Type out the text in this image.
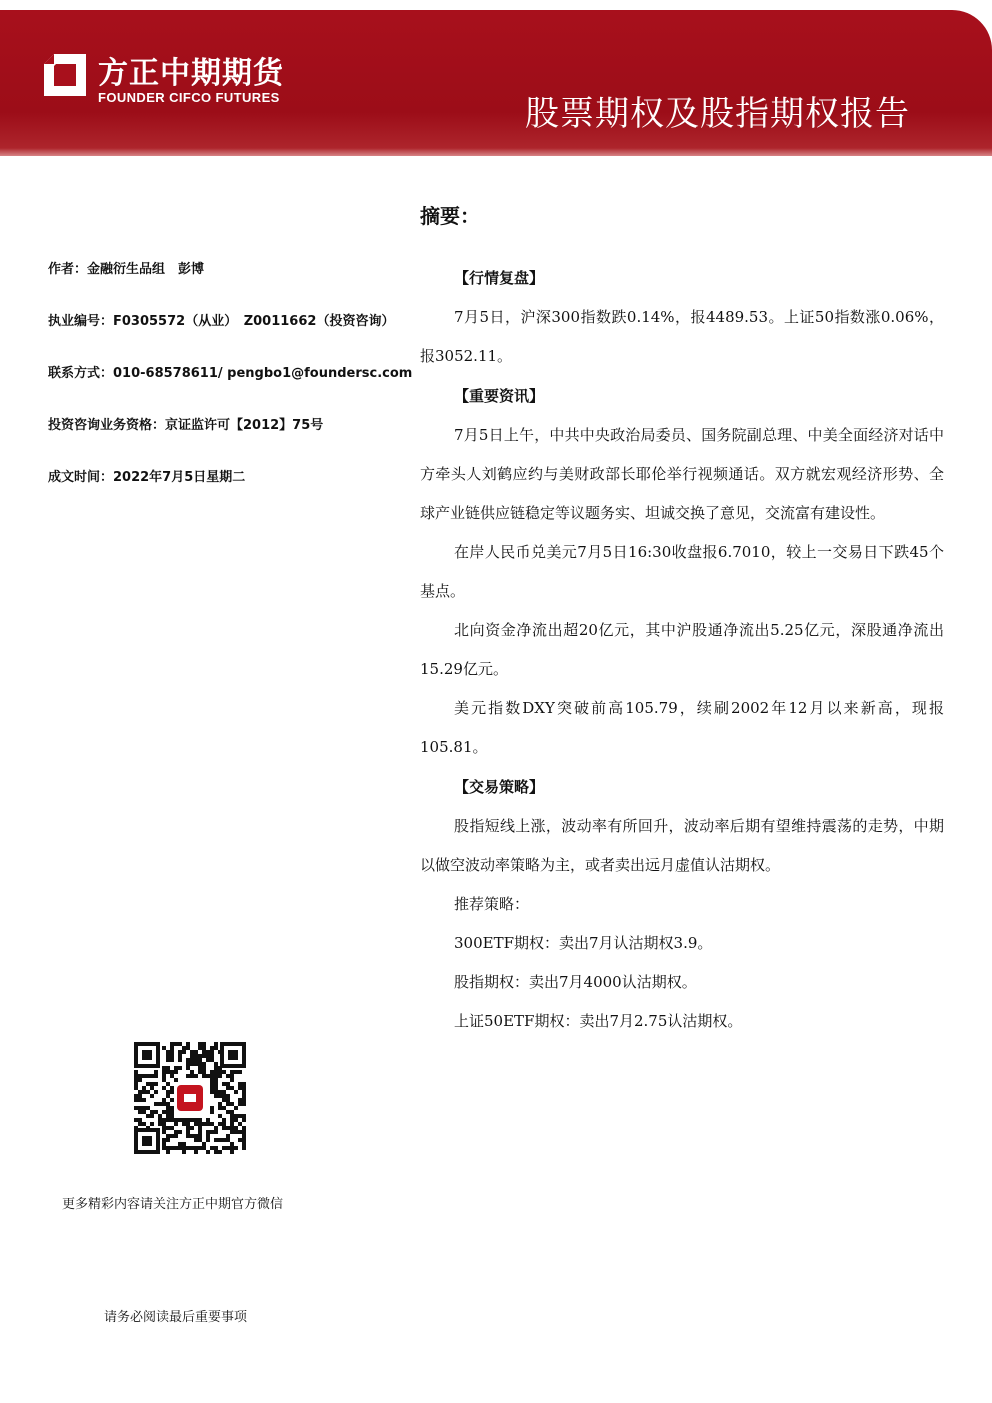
方正中期期货
FOUNDER CIFCO FUTURES	股票期权及股指期权报告
作者：金融衍生品组　彭博
执业编号：F0305572（从业）　Z0011662（投资咨询）
联系方式：010-68578611/ pengbo1@foundersc.com
投资咨询业务资格：京证监许可【2012】75号
成文时间：2022年7月5日星期二
摘要：
【行情复盘】

7月5日，沪深300指数跌0.14%，报4489.53。上证50指数涨0.06%，报3052.11。

【重要资讯】

7月5日上午，中共中央政治局委员、国务院副总理、中美全面经济对话中方牵头人刘鹤应约与美财政部长耶伦举行视频通话。双方就宏观经济形势、全球产业链供应链稳定等议题务实、坦诚交换了意见，交流富有建设性。

在岸人民币兑美元7月5日16:30收盘报6.7010，较上一交易日下跌45个基点。

北向资金净流出超20亿元，其中沪股通净流出5.25亿元，深股通净流出15.29亿元。

美元指数DXY突破前高105.79，续刷2002年12月以来新高，现报105.81。

【交易策略】

股指短线上涨，波动率有所回升，波动率后期有望维持震荡的走势，中期以做空波动率策略为主，或者卖出远月虚值认沽期权。

推荐策略：

300ETF期权：卖出7月认沽期权3.9。

股指期权：卖出7月4000认沽期权。

上证50ETF期权：卖出7月2.75认沽期权。

更多精彩内容请关注方正中期官方微信
请务必阅读最后重要事项
